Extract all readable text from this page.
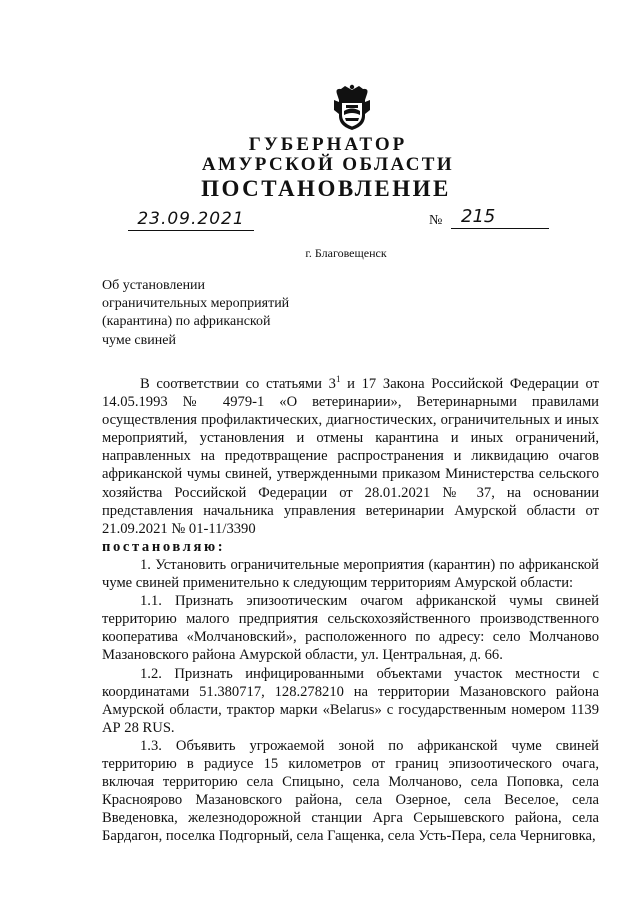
ГУБЕРНАТОР
АМУРСКОЙ ОБЛАСТИ
ПОСТАНОВЛЕНИЕ
23.09.2021	№	215
г. Благовещенск
Об установлении
ограничительных мероприятий
(карантина) по африканской
чуме свиней

В соответствии со статьями $3^1$ и 17 Закона Российской Федерации от 14.05.1993 № 4979-1 «О ветеринарии», Ветеринарными правилами осуществления профилактических, диагностических, ограничительных и иных мероприятий, установления и отмены карантина и иных ограничений, направленных на предотвращение распространения и ликвидацию очагов африканской чумы свиней, утвержденными приказом Министерства сельского хозяйства Российской Федерации от 28.01.2021 № 37, на основании представления начальника управления ветеринарии Амурской области от 21.09.2021 № 01-11/3390

постановляю:

1. Установить ограничительные мероприятия (карантин) по африканской чуме свиней применительно к следующим территориям Амурской области:

1.1. Признать эпизоотическим очагом африканской чумы свиней территорию малого предприятия сельскохозяйственного производственного кооператива «Молчановский», расположенного по адресу: село Молчаново Мазановского района Амурской области, ул. Центральная, д. 66.

1.2. Признать инфицированными объектами участок местности с координатами 51.380717, 128.278210 на территории Мазановского района Амурской области, трактор марки «Belarus» с государственным номером 1139 АР 28 RUS.

1.3. Объявить угрожаемой зоной по африканской чуме свиней территорию в радиусе 15 километров от границ эпизоотического очага, включая территорию села Спицыно, села Молчаново, села Поповка, села Красноярово Мазановского района, села Озерное, села Веселое, села Введеновка, железнодорожной станции Арга Серышевского района, села Бардагон, поселка Подгорный, села Гащенка, села Усть-Пера, села Черниговка,
